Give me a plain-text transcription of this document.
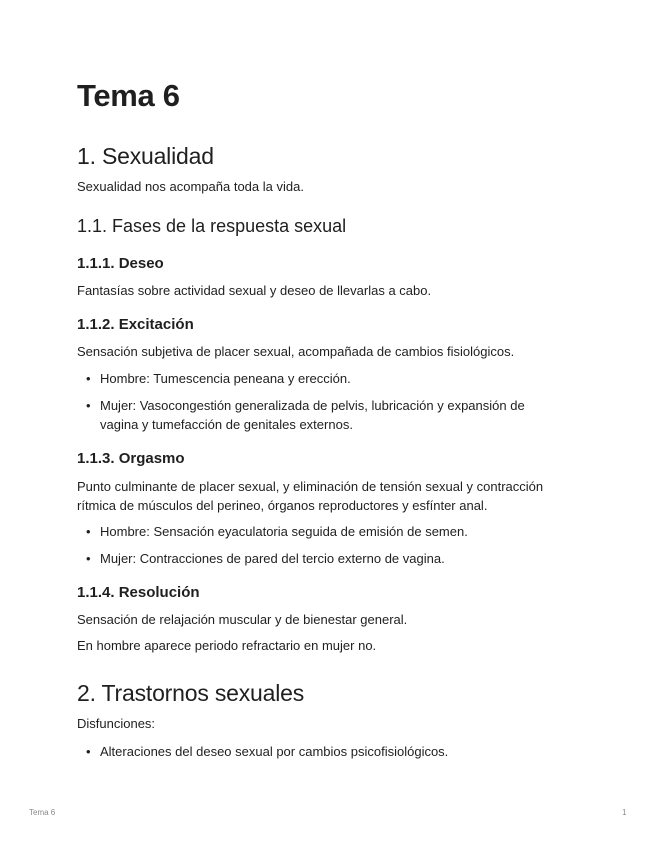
Tema 6
1. Sexualidad

Sexualidad nos acompaña toda la vida.

1.1. Fases de la respuesta sexual
1.1.1. Deseo

Fantasías sobre actividad sexual y deseo de llevarlas a cabo.

1.1.2. Excitación

Sensación subjetiva de placer sexual, acompañada de cambios fisiológicos.

• Hombre: Tumescencia peneana y erección.
• Mujer: Vasocongestión generalizada de pelvis, lubricación y expansión de vagina y tumefacción de genitales externos.
1.1.3. Orgasmo

Punto culminante de placer sexual, y eliminación de tensión sexual y contracción rítmica de músculos del perineo, órganos reproductores y esfínter anal.

• Hombre: Sensación eyaculatoria seguida de emisión de semen.
• Mujer: Contracciones de pared del tercio externo de vagina.
1.1.4. Resolución

Sensación de relajación muscular y de bienestar general.

En hombre aparece periodo refractario en mujer no.

2. Trastornos sexuales

Disfunciones:

• Alteraciones del deseo sexual por cambios psicofisiológicos.
Tema 6	1
